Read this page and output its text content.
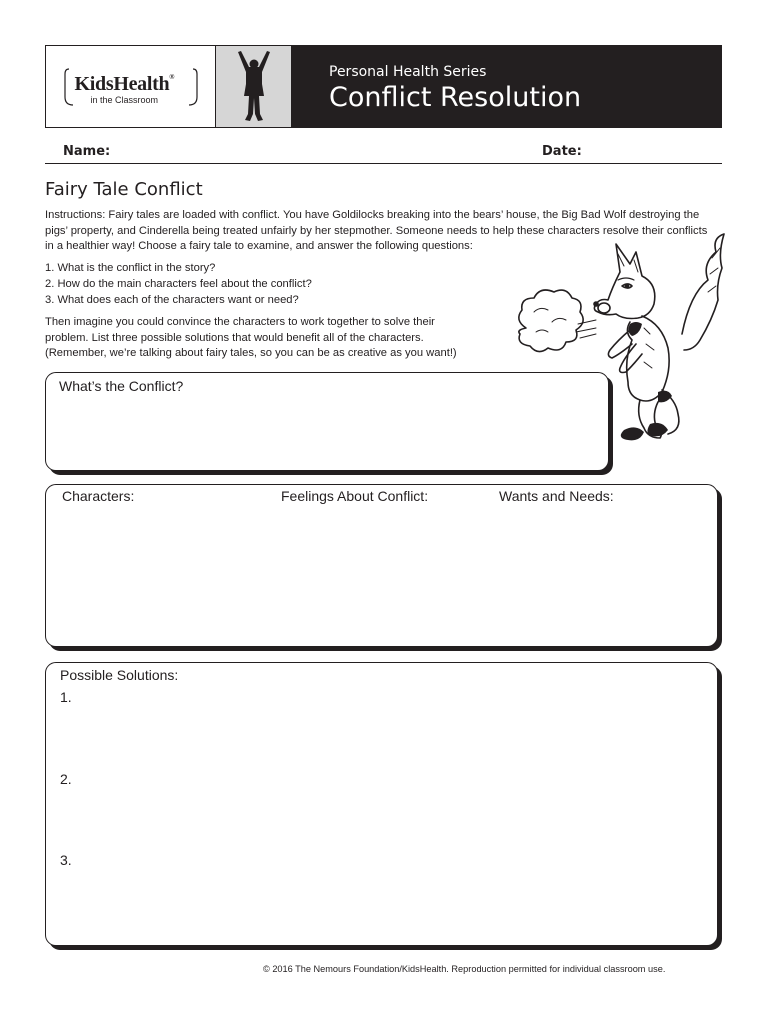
KidsHealth®
in the Classroom
Personal Health Series
Conflict Resolution
Name:	Date:
Fairy Tale Conflict
Instructions: Fairy tales are loaded with conflict. You have Goldilocks breaking into the bears’ house, the Big Bad Wolf destroying the pigs’ property, and Cinderella being treated unfairly by her stepmother. Someone needs to help these characters resolve their conflicts in a healthier way! Choose a fairy tale to examine, and answer the following questions:
1. What is the conflict in the story?
2. How do the main characters feel about the conflict?
3. What does each of the characters want or need?
Then imagine you could convince the characters to work together to solve their
problem. List three possible solutions that would benefit all of the characters.
(Remember, we’re talking about fairy tales, so you can be as creative as you want!)
What’s the Conflict?
Characters:	Feelings About Conflict:	Wants and Needs:
Possible Solutions:
1.
2.
3.
© 2016 The Nemours Foundation/KidsHealth. Reproduction permitted for individual classroom use.
